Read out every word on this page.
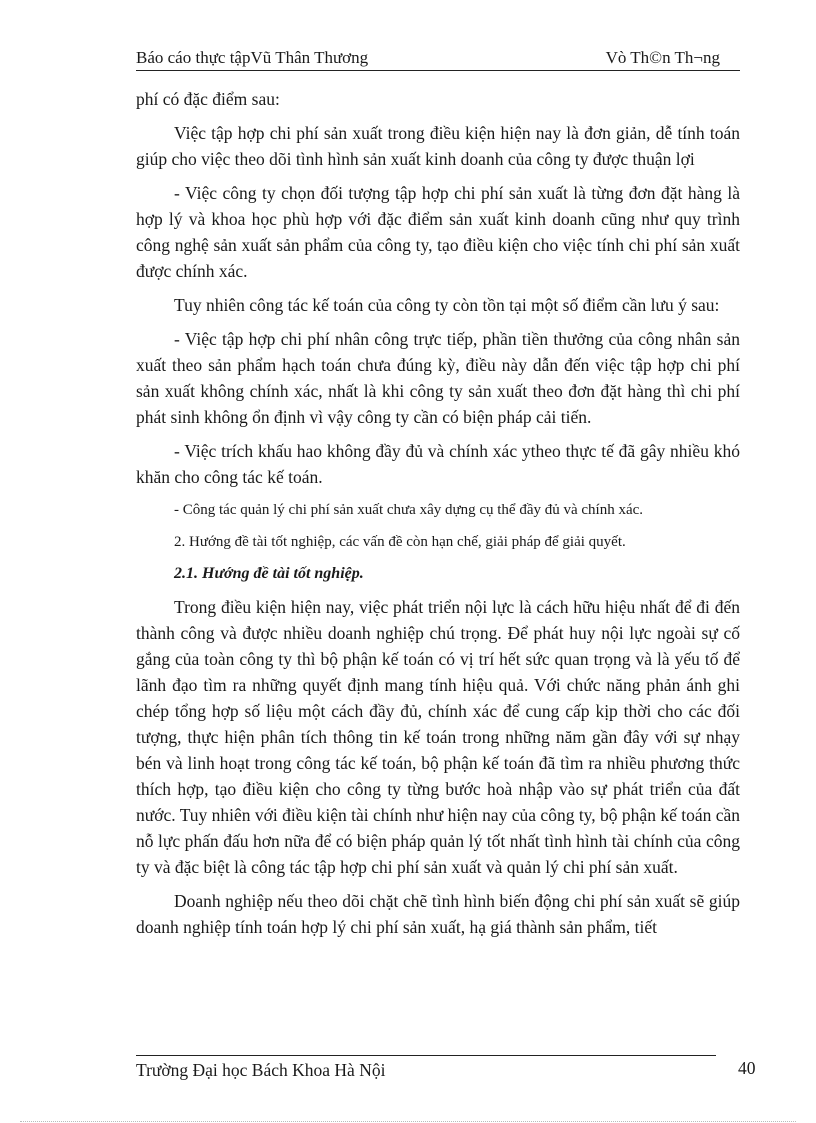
Báo cáo thực tậpVũ Thân Thương	Vò Th©n Th¬ng

phí có đặc điểm sau:

Việc tập hợp chi phí sản xuất trong điều kiện hiện nay là đơn giản, dễ tính toán giúp cho việc theo dõi tình hình sản xuất kinh doanh của công ty được thuận lợi

- Việc công ty chọn đối tượng tập hợp chi phí sản xuất là từng đơn đặt hàng là hợp lý và khoa học phù hợp với đặc điểm sản xuất kinh doanh cũng như quy trình công nghệ sản xuất sản phẩm của công ty, tạo điều kiện cho việc tính chi phí sản xuất được chính xác.

Tuy nhiên công tác kế toán của công ty còn tồn tại một số điểm cần lưu ý sau:

- Việc tập hợp chi phí nhân công trực tiếp, phần tiền thưởng của công nhân sản xuất theo sản phẩm hạch toán chưa đúng kỳ, điều này dẫn đến việc tập hợp chi phí sản xuất không chính xác, nhất là khi công ty sản xuất theo đơn đặt hàng thì chi phí phát sinh không ổn định vì vậy công ty cần có biện pháp cải tiến.

- Việc trích khấu hao không đầy đủ và chính xác ytheo thực tế đã gây nhiều khó khăn cho công tác kế toán.

- Công tác quản lý chi phí sản xuất chưa xây dựng cụ thể đầy đủ và chính xác.

2. Hướng đề tài tốt nghiệp, các vấn đề còn hạn chế, giải pháp để giải quyết.

2.1. Hướng đề tài tốt nghiệp.

Trong điều kiện hiện nay, việc phát triển nội lực là cách hữu hiệu nhất để đi đến thành công và được nhiều doanh nghiệp chú trọng. Để phát huy nội lực ngoài sự cố gắng của toàn công ty thì bộ phận kế toán có vị trí hết sức quan trọng và là yếu tố để lãnh đạo tìm ra những quyết định mang tính hiệu quả. Với chức năng phản ánh ghi chép tổng hợp số liệu một cách đầy đủ, chính xác để cung cấp kịp thời cho các đối tượng, thực hiện phân tích thông tin kế toán trong những năm gần đây với sự nhạy bén và linh hoạt trong công tác kế toán, bộ phận kế toán đã tìm ra nhiều phương thức thích hợp, tạo điều kiện cho công ty từng bước hoà nhập vào sự phát triển của đất nước. Tuy nhiên với điều kiện tài chính như hiện nay của công ty, bộ phận kế toán cần nỗ lực phấn đấu hơn nữa để có biện pháp quản lý tốt nhất tình hình tài chính của công ty và đặc biệt là công tác tập hợp chi phí sản xuất và quản lý chi phí sản xuất.

Doanh nghiệp nếu theo dõi chặt chẽ tình hình biến động chi phí sản xuất sẽ giúp doanh nghiệp tính toán hợp lý chi phí sản xuất, hạ giá thành sản phẩm, tiết

Trường Đại học Bách Khoa Hà Nội	40
